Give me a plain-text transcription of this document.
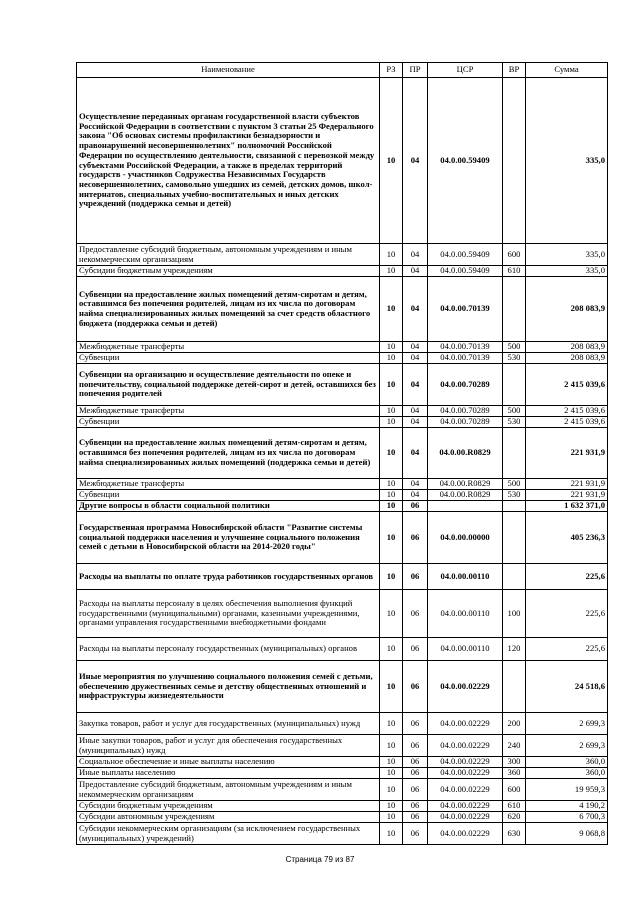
Наименование	РЗ	ПР	ЦСР	ВР	Сумма
Осуществление переданных органам государственной власти субъектов Российской Федерации в соответствии с пунктом 3 статьи 25 Федерального закона "Об основах системы профилактики безнадзорности и правонарушений несовершеннолетних" полномочий Российской Федерации по осуществлению деятельности, связанной с перевозкой между субъектами Российской Федерации, а также в пределах территорий государств - участников Содружества Независимых Государств несовершеннолетних, самовольно ушедших из семей, детских домов, школ-интернатов, специальных учебно-воспитательных и иных детских учреждений (поддержка семьи и детей)	10	04	04.0.00.59409		335,0
Предоставление субсидий бюджетным, автономным учреждениям и иным некоммерческим организациям	10	04	04.0.00.59409	600	335,0
Субсидии бюджетным учреждениям	10	04	04.0.00.59409	610	335,0
Субвенции на предоставление жилых помещений детям-сиротам и детям, оставшимся без попечения родителей, лицам из их числа по договорам найма специализированных жилых помещений за счет средств областного бюджета (поддержка семьи и детей)	10	04	04.0.00.70139		208 083,9
Межбюджетные трансферты	10	04	04.0.00.70139	500	208 083,9
Субвенции	10	04	04.0.00.70139	530	208 083,9
Субвенции на организацию и осуществление деятельности по опеке и попечительству, социальной поддержке детей-сирот и детей, оставшихся без попечения родителей	10	04	04.0.00.70289		2 415 039,6
Межбюджетные трансферты	10	04	04.0.00.70289	500	2 415 039,6
Субвенции	10	04	04.0.00.70289	530	2 415 039,6
Субвенции на предоставление жилых помещений детям-сиротам и детям, оставшимся без попечения родителей, лицам из их числа по договорам найма специализированных жилых помещений (поддержка семьи и детей)	10	04	04.0.00.R0829		221 931,9
Межбюджетные трансферты	10	04	04.0.00.R0829	500	221 931,9
Субвенции	10	04	04.0.00.R0829	530	221 931,9
Другие вопросы в области социальной политики	10	06			1 632 371,0
Государственная программа Новосибирской области "Развитие системы социальной поддержки населения и улучшение социального положения семей с детьми в Новосибирской области на 2014-2020 годы"	10	06	04.0.00.00000		405 236,3
Расходы на выплаты по оплате труда работников государственных органов	10	06	04.0.00.00110		225,6
Расходы на выплаты персоналу в целях обеспечения выполнения функций государственными (муниципальными) органами, казенными учреждениями, органами управления государственными внебюджетными фондами	10	06	04.0.00.00110	100	225,6
Расходы на выплаты персоналу государственных (муниципальных) органов	10	06	04.0.00.00110	120	225,6
Иные мероприятия по улучшению социального положения семей с детьми, обеспечению дружественных семье и детству общественных отношений и инфраструктуры жизнедеятельности	10	06	04.0.00.02229		24 518,6
Закупка товаров, работ и услуг для государственных (муниципальных) нужд	10	06	04.0.00.02229	200	2 699,3
Иные закупки товаров, работ и услуг для обеспечения государственных (муниципальных) нужд	10	06	04.0.00.02229	240	2 699,3
Социальное обеспечение и иные выплаты населению	10	06	04.0.00.02229	300	360,0
Иные выплаты населению	10	06	04.0.00.02229	360	360,0
Предоставление субсидий бюджетным, автономным учреждениям и иным некоммерческим организациям	10	06	04.0.00.02229	600	19 959,3
Субсидии бюджетным учреждениям	10	06	04.0.00.02229	610	4 190,2
Субсидии автономным учреждениям	10	06	04.0.00.02229	620	6 700,3
Субсидии некоммерческим организациям (за исключением государственных (муниципальных) учреждений)	10	06	04.0.00.02229	630	9 068,8
Страница 79 из 87
